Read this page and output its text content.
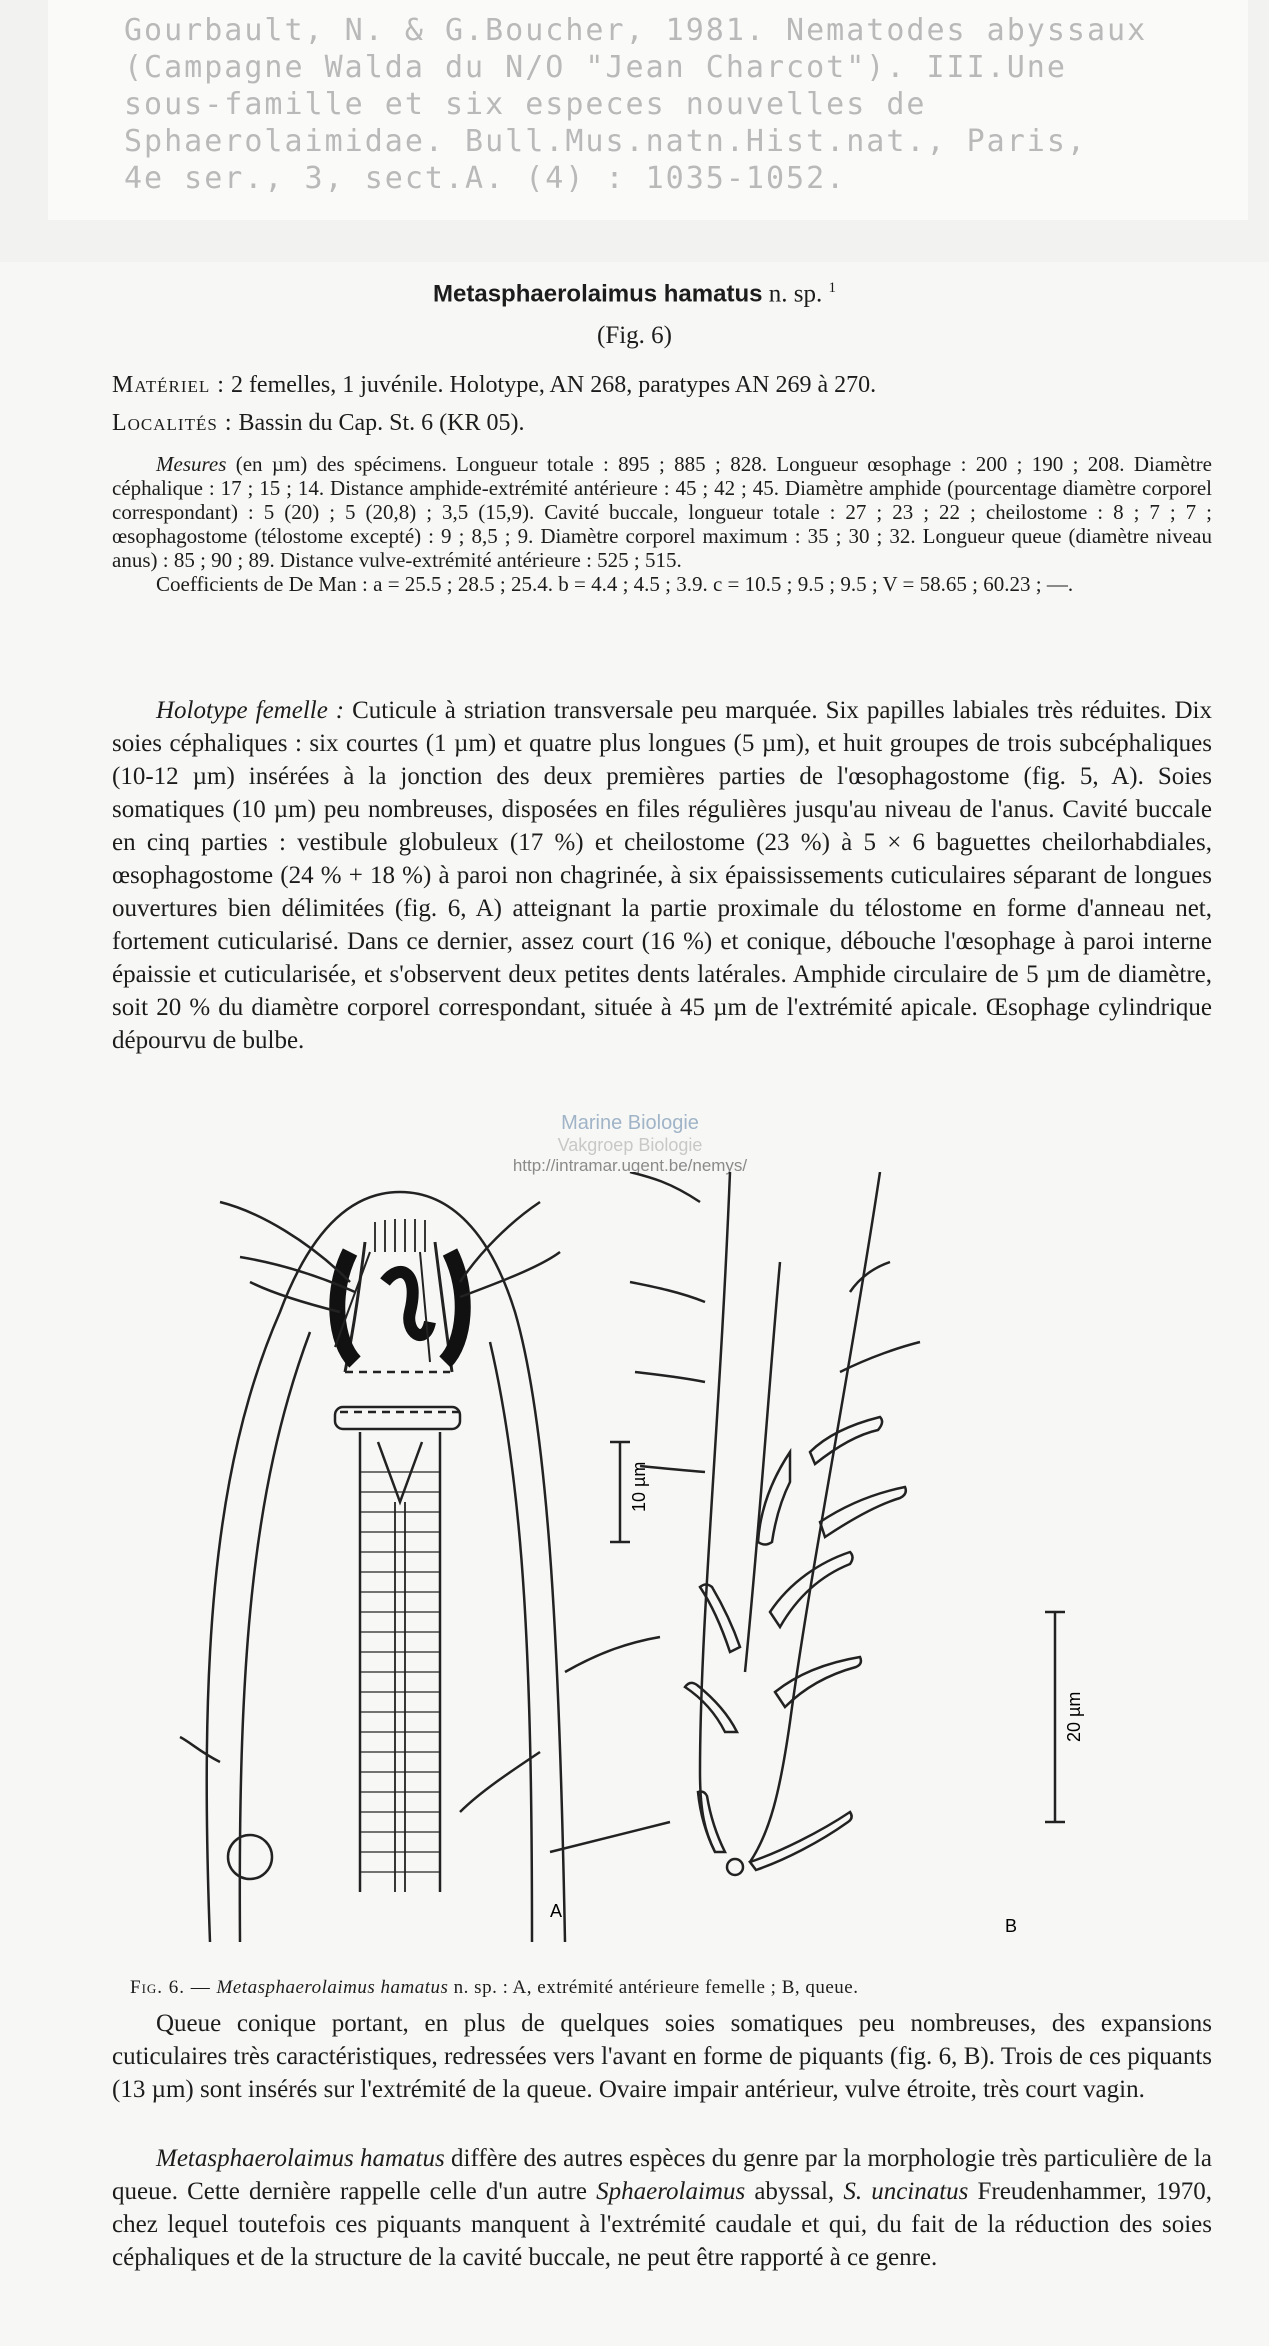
Gourbault, N. & G.Boucher, 1981. Nematodes abyssaux
(Campagne Walda du N/O "Jean Charcot"). III.Une
sous-famille et six especes nouvelles de
Sphaerolaimidae. Bull.Mus.natn.Hist.nat., Paris,
4e ser., 3, sect.A. (4) : 1035-1052.
Metasphaerolaimus hamatus n. sp. $^1$
(Fig. 6)
Matériel : 2 femelles, 1 juvénile. Holotype, AN 268, paratypes AN 269 à 270.
Localités : Bassin du Cap. St. 6 (KR 05).

Mesures (en µm) des spécimens. Longueur totale : 895 ; 885 ; 828. Longueur œsophage : 200 ; 190 ; 208. Diamètre céphalique : 17 ; 15 ; 14. Distance amphide-extrémité antérieure : 45 ; 42 ; 45. Diamètre amphide (pourcentage diamètre corporel correspondant) : 5 (20) ; 5 (20,8) ; 3,5 (15,9). Cavité buccale, longueur totale : 27 ; 23 ; 22 ; cheilostome : 8 ; 7 ; 7 ; œsophagostome (télostome excepté) : 9 ; 8,5 ; 9. Diamètre corporel maximum : 35 ; 30 ; 32. Longueur queue (diamètre niveau anus) : 85 ; 90 ; 89. Distance vulve-extrémité antérieure : 525 ; 515.

Coefficients de De Man : a = 25.5 ; 28.5 ; 25.4. b = 4.4 ; 4.5 ; 3.9. c = 10.5 ; 9.5 ; 9.5 ; V = 58.65 ; 60.23 ; —.

Holotype femelle : Cuticule à striation transversale peu marquée. Six papilles labiales très réduites. Dix soies céphaliques : six courtes (1 µm) et quatre plus longues (5 µm), et huit groupes de trois subcéphaliques (10-12 µm) insérées à la jonction des deux premières parties de l'œsophagostome (fig. 5, A). Soies somatiques (10 µm) peu nombreuses, disposées en files régulières jusqu'au niveau de l'anus. Cavité buccale en cinq parties : vestibule globuleux (17 %) et cheilostome (23 %) à 5 × 6 baguettes cheilorhabdiales, œsophagostome (24 % + 18 %) à paroi non chagrinée, à six épaississements cuticulaires séparant de longues ouvertures bien délimitées (fig. 6, A) atteignant la partie proximale du télostome en forme d'anneau net, fortement cuticularisé. Dans ce dernier, assez court (16 %) et conique, débouche l'œsophage à paroi interne épaissie et cuticularisée, et s'observent deux petites dents latérales. Amphide circulaire de 5 µm de diamètre, soit 20 % du diamètre corporel correspondant, située à 45 µm de l'extrémité apicale. Œsophage cylindrique dépourvu de bulbe.

Marine Biologie
Vakgroep Biologie
http://intramar.ugent.be/nemys/
10 µm
20 µm
A
B
Fig. 6. — Metasphaerolaimus hamatus n. sp. : A, extrémité antérieure femelle ; B, queue.

Queue conique portant, en plus de quelques soies somatiques peu nombreuses, des expansions cuticulaires très caractéristiques, redressées vers l'avant en forme de piquants (fig. 6, B). Trois de ces piquants (13 µm) sont insérés sur l'extrémité de la queue. Ovaire impair antérieur, vulve étroite, très court vagin.

Metasphaerolaimus hamatus diffère des autres espèces du genre par la morphologie très particulière de la queue. Cette dernière rappelle celle d'un autre Sphaerolaimus abyssal, S. uncinatus Freudenhammer, 1970, chez lequel toutefois ces piquants manquent à l'extrémité caudale et qui, du fait de la réduction des soies céphaliques et de la structure de la cavité buccale, ne peut être rapporté à ce genre.
